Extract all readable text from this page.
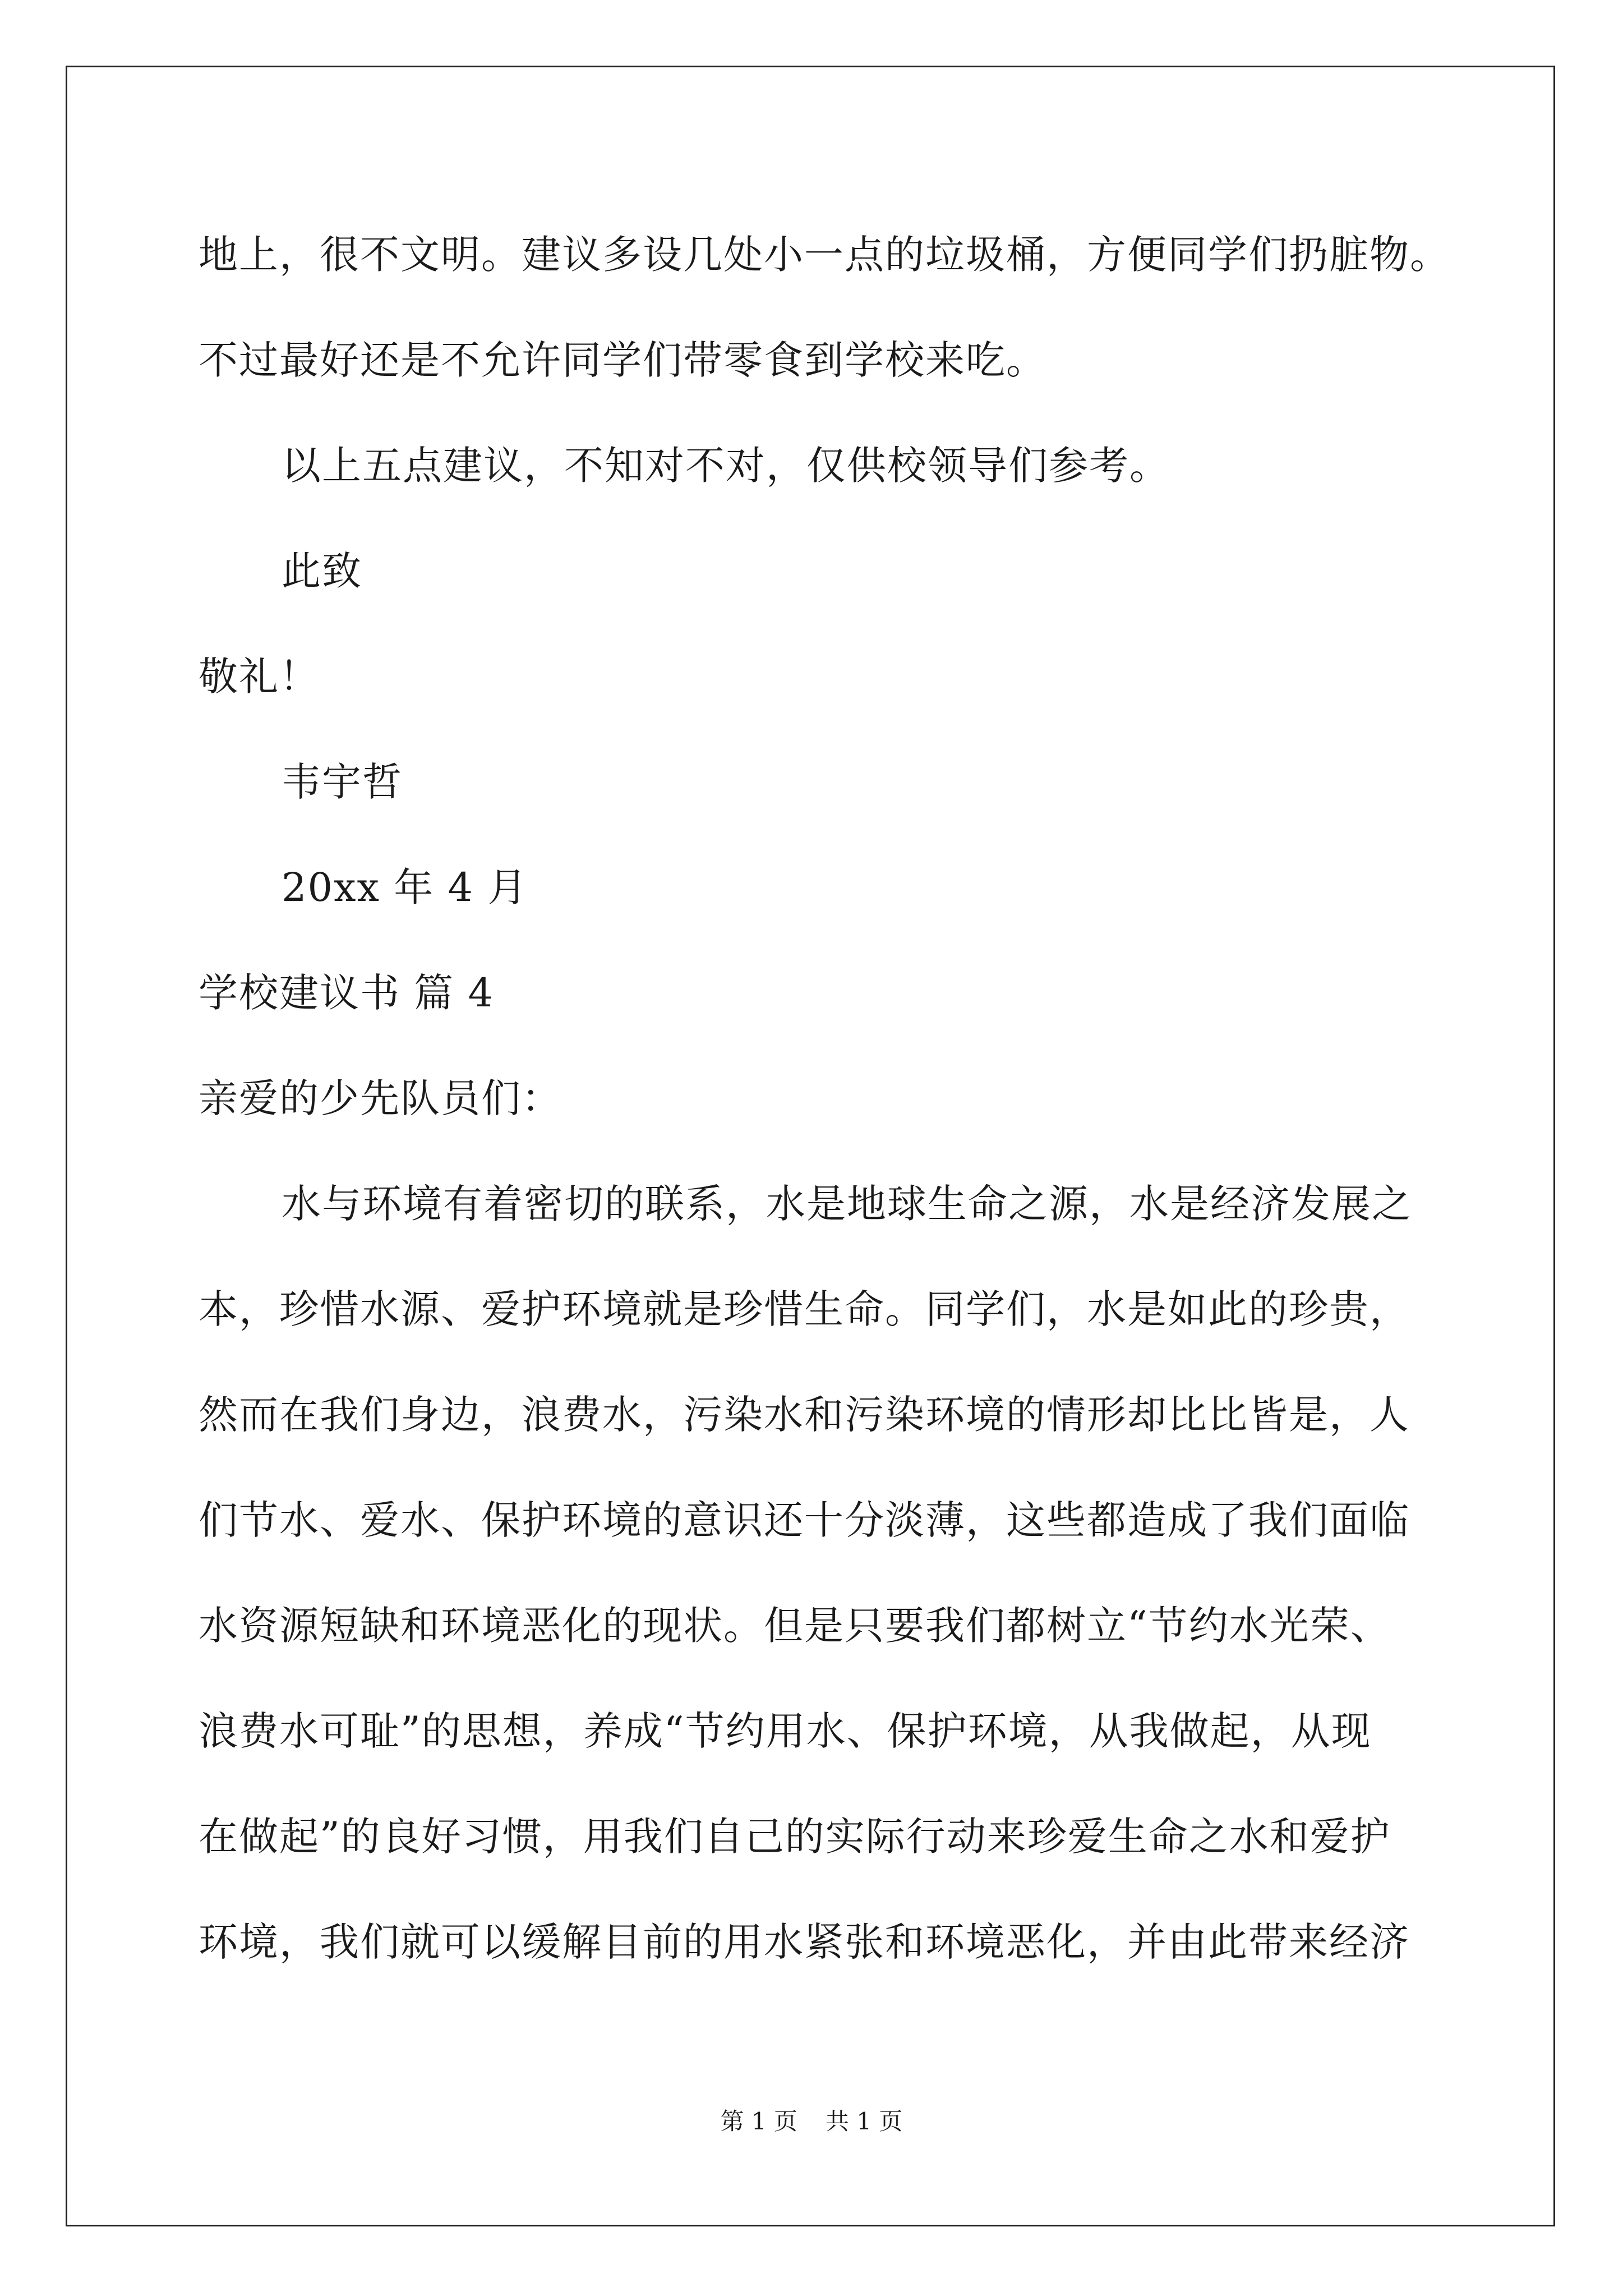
地上，很不文明。建议多设几处小一点的垃圾桶，方便同学们扔脏物。
不过最好还是不允许同学们带零食到学校来吃。
以上五点建议，不知对不对，仅供校领导们参考。
此致
敬礼！
韦宇哲
20xx 年 4 月
学校建议书 篇 4
亲爱的少先队员们：
水与环境有着密切的联系，水是地球生命之源，水是经济发展之
本，珍惜水源、爱护环境就是珍惜生命。同学们，水是如此的珍贵，
然而在我们身边，浪费水，污染水和污染环境的情形却比比皆是，人
们节水、爱水、保护环境的意识还十分淡薄，这些都造成了我们面临
水资源短缺和环境恶化的现状。但是只要我们都树立“节约水光荣、
浪费水可耻”的思想，养成“节约用水、保护环境，从我做起，从现
在做起”的良好习惯，用我们自己的实际行动来珍爱生命之水和爱护
环境，我们就可以缓解目前的用水紧张和环境恶化，并由此带来经济
第 1 页 共 1 页
